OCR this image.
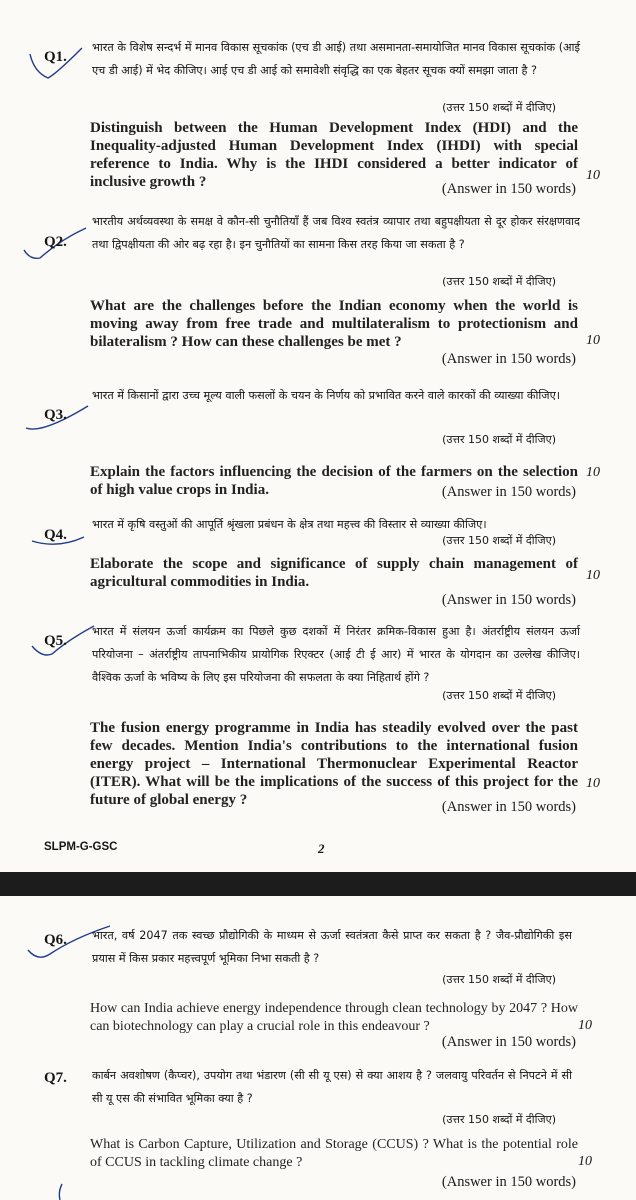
Q1.
भारत के विशेष सन्दर्भ में मानव विकास सूचकांक (एच डी आई) तथा असमानता-समायोजित मानव विकास सूचकांक (आई एच डी आई) में भेद कीजिए। आई एच डी आई को समावेशी संवृद्धि का एक बेहतर सूचक क्यों समझा जाता है ?
(उत्तर 150 शब्दों में दीजिए)
Distinguish between the Human Development Index (HDI) and the Inequality-adjusted Human Development Index (IHDI) with special reference to India. Why is the IHDI considered a better indicator of inclusive growth ?	(Answer in 150 words)
10
Q2.
भारतीय अर्थव्यवस्था के समक्ष वे कौन-सी चुनौतियाँ हैं जब विश्व स्वतंत्र व्यापार तथा बहुपक्षीयता से दूर होकर संरक्षणवाद तथा द्विपक्षीयता की ओर बढ़ रहा है। इन चुनौतियों का सामना किस तरह किया जा सकता है ?
(उत्तर 150 शब्दों में दीजिए)
What are the challenges before the Indian economy when the world is moving away from free trade and multilateralism to protectionism and bilateralism ? How can these challenges be met ?
(Answer in 150 words)
10
Q3.
भारत में किसानों द्वारा उच्च मूल्य वाली फसलों के चयन के निर्णय को प्रभावित करने वाले कारकों की व्याख्या कीजिए।
(उत्तर 150 शब्दों में दीजिए)
Explain the factors influencing the decision of the farmers on the selection of high value crops in India.	(Answer in 150 words)
10
Q4.
भारत में कृषि वस्तुओं की आपूर्ति श्रृंखला प्रबंधन के क्षेत्र तथा महत्त्व की विस्तार से व्याख्या कीजिए।
(उत्तर 150 शब्दों में दीजिए)
Elaborate the scope and significance of supply chain management of agricultural commodities in India.
(Answer in 150 words)
10
Q5.
भारत में संलयन ऊर्जा कार्यक्रम का पिछले कुछ दशकों में निरंतर क्रमिक-विकास हुआ है। अंतर्राष्ट्रीय संलयन ऊर्जा परियोजना – अंतर्राष्ट्रीय तापनाभिकीय प्रायोगिक रिएक्टर (आई टी ई आर) में भारत के योगदान का उल्लेख कीजिए। वैश्विक ऊर्जा के भविष्य के लिए इस परियोजना की सफलता के क्या निहितार्थ होंगे ?
(उत्तर 150 शब्दों में दीजिए)
The fusion energy programme in India has steadily evolved over the past few decades. Mention India's contributions to the international fusion energy project – International Thermonuclear Experimental Reactor (ITER). What will be the implications of the success of this project for the future of global energy ?	(Answer in 150 words)
10
SLPM-G-GSC	2
Q6. भारत, वर्ष 2047 तक स्वच्छ प्रौद्योगिकी के माध्यम से ऊर्जा स्वतंत्रता कैसे प्राप्त कर सकता है ? जैव-प्रौद्योगिकी इस प्रयास में किस प्रकार महत्त्वपूर्ण भूमिका निभा सकती है ?
(उत्तर 150 शब्दों में दीजिए)
How can India achieve energy independence through clean technology by 2047 ? How can biotechnology can play a crucial role in this endeavour ?
(Answer in 150 words)
10
Q7. कार्बन अवशोषण (कैप्चर), उपयोग तथा भंडारण (सी सी यू एस) से क्या आशय है ? जलवायु परिवर्तन से निपटने में सी सी यू एस की संभावित भूमिका क्या है ?
(उत्तर 150 शब्दों में दीजिए)
What is Carbon Capture, Utilization and Storage (CCUS) ? What is the potential role of CCUS in tackling climate change ?
(Answer in 150 words)
10
